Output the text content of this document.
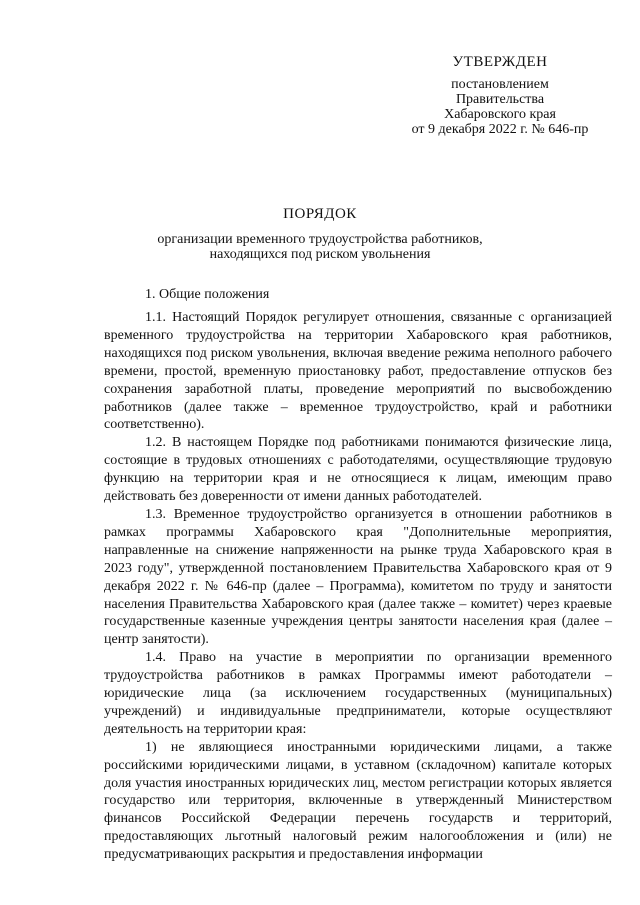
УТВЕРЖДЕН
постановлением
Правительства
Хабаровского края
от 9 декабря 2022 г. № 646-пр
ПОРЯДОК
организации временного трудоустройства работников, находящихся под риском увольнения
1. Общие положения

1.1. Настоящий Порядок регулирует отношения, связанные с организацией временного трудоустройства на территории Хабаровского края работников, находящихся под риском увольнения, включая введение режима неполного рабочего времени, простой, временную приостановку работ, предоставление отпусков без сохранения заработной платы, проведение мероприятий по высвобождению работников (далее также – временное трудоустройство, край и работники соответственно).

1.2. В настоящем Порядке под работниками понимаются физические лица, состоящие в трудовых отношениях с работодателями, осуществляющие трудовую функцию на территории края и не относящиеся к лицам, имеющим право действовать без доверенности от имени данных работодателей.

1.3. Временное трудоустройство организуется в отношении работников в рамках программы Хабаровского края "Дополнительные мероприятия, направленные на снижение напряженности на рынке труда Хабаровского края в 2023 году", утвержденной постановлением Правительства Хабаровского края от 9 декабря 2022 г. № 646-пр (далее – Программа), комитетом по труду и занятости населения Правительства Хабаровского края (далее также – комитет) через краевые государственные казенные учреждения центры занятости населения края (далее – центр занятости).

1.4. Право на участие в мероприятии по организации временного трудоустройства работников в рамках Программы имеют работодатели – юридические лица (за исключением государственных (муниципальных) учреждений) и индивидуальные предприниматели, которые осуществляют деятельность на территории края:

1) не являющиеся иностранными юридическими лицами, а также российскими юридическими лицами, в уставном (складочном) капитале которых доля участия иностранных юридических лиц, местом регистрации которых является государство или территория, включенные в утвержденный Министерством финансов Российской Федерации перечень государств и территорий, предоставляющих льготный налоговый режим налогообложения и (или) не предусматривающих раскрытия и предоставления информации
